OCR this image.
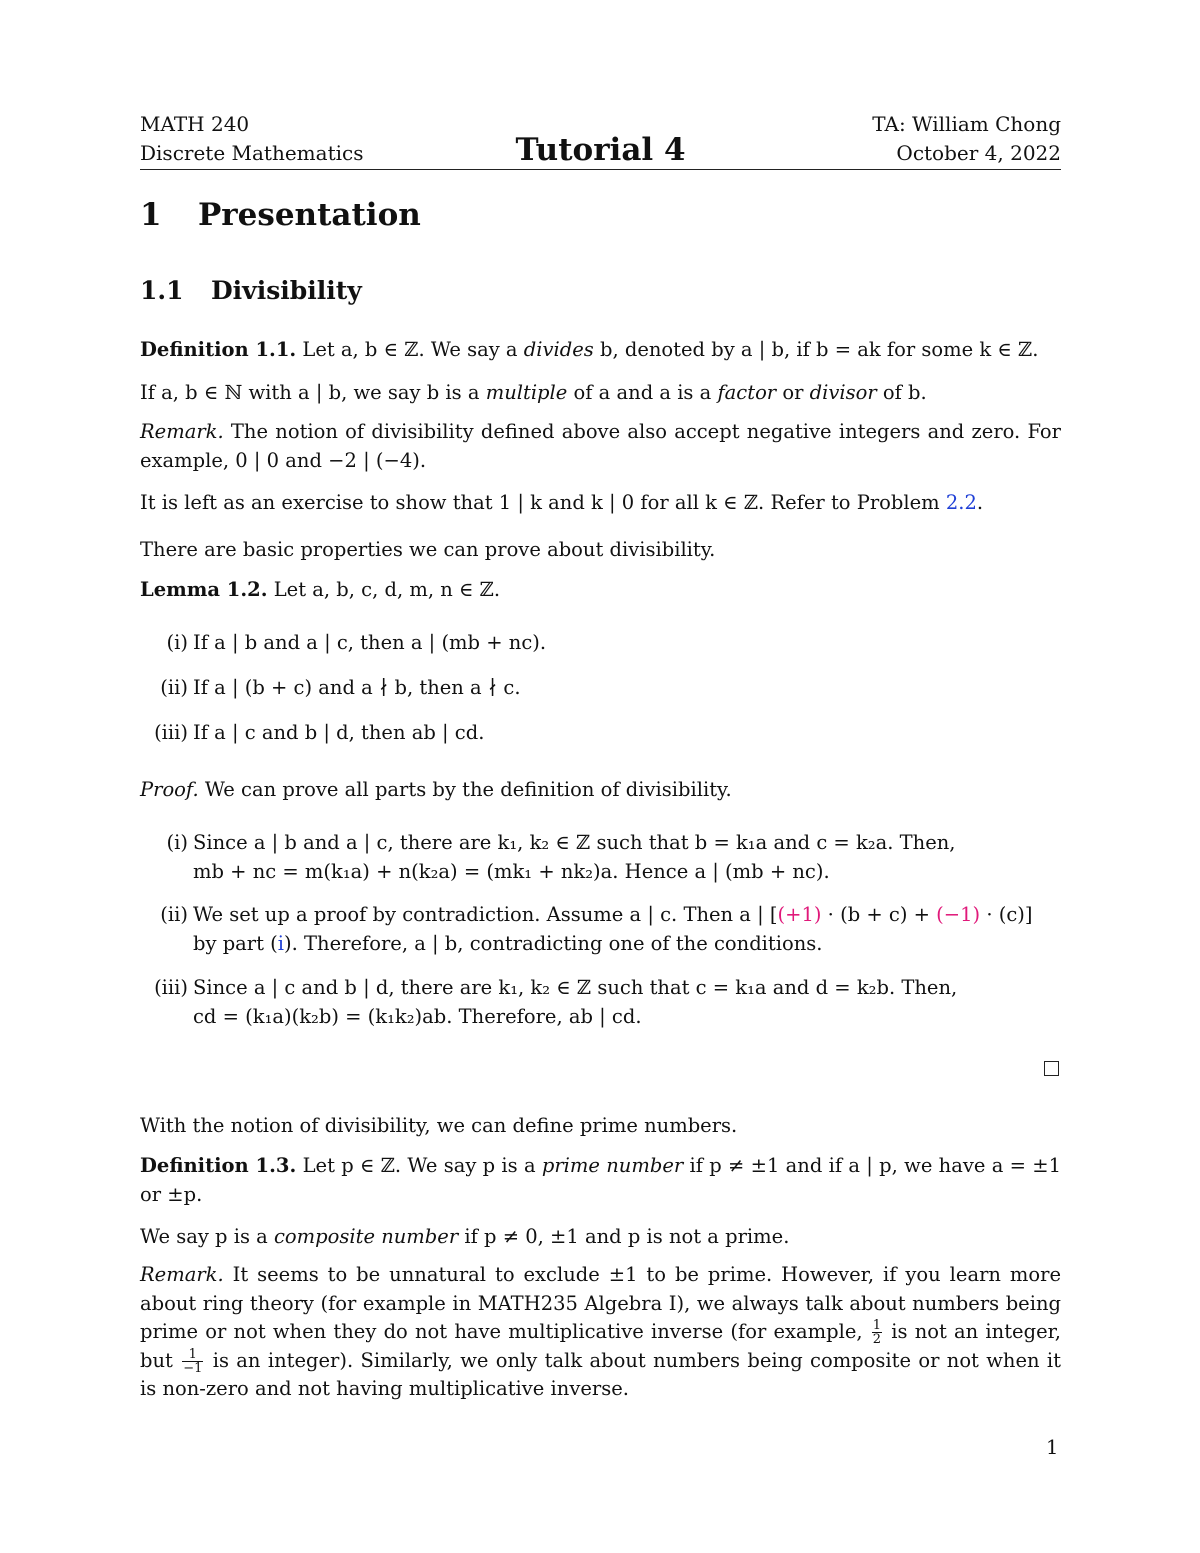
MATH 240
Discrete Mathematics	Tutorial 4
TA: William Chong
October 4, 2022
1 Presentation
1.1 Divisibility
Definition 1.1. Let a, b ∈ ℤ. We say a divides b, denoted by a | b, if b = ak for some k ∈ ℤ.
If a, b ∈ ℕ with a | b, we say b is a multiple of a and a is a factor or divisor of b.
Remark. The notion of divisibility defined above also accept negative integers and zero. For example, 0 | 0 and −2 | (−4).
It is left as an exercise to show that 1 | k and k | 0 for all k ∈ ℤ. Refer to Problem 2.2.
There are basic properties we can prove about divisibility.
Lemma 1.2. Let a, b, c, d, m, n ∈ ℤ.
(i) If a | b and a | c, then a | (mb + nc).
(ii) If a | (b + c) and a ∤ b, then a ∤ c.
(iii) If a | c and b | d, then ab | cd.
Proof. We can prove all parts by the definition of divisibility.
(i) Since a | b and a | c, there are k₁, k₂ ∈ ℤ such that b = k₁a and c = k₂a. Then,
mb + nc = m(k₁a) + n(k₂a) = (mk₁ + nk₂)a. Hence a | (mb + nc).
(ii) We set up a proof by contradiction. Assume a | c. Then a | [(+1) · (b + c) + (−1) · (c)]
by part (i). Therefore, a | b, contradicting one of the conditions.
(iii) Since a | c and b | d, there are k₁, k₂ ∈ ℤ such that c = k₁a and d = k₂b. Then,
cd = (k₁a)(k₂b) = (k₁k₂)ab. Therefore, ab | cd.
With the notion of divisibility, we can define prime numbers.
Definition 1.3. Let p ∈ ℤ. We say p is a prime number if p ≠ ±1 and if a | p, we have a = ±1 or ±p.
We say p is a composite number if p ≠ 0, ±1 and p is not a prime.
Remark. It seems to be unnatural to exclude ±1 to be prime. However, if you learn more about ring theory (for example in MATH235 Algebra I), we always talk about numbers being prime or not when they do not have multiplicative inverse (for example, $\frac{1}{2}$ is not an integer, but $\frac{1}{-1}$ is an integer). Similarly, we only talk about numbers being composite or not when it is non-zero and not having multiplicative inverse.
1
